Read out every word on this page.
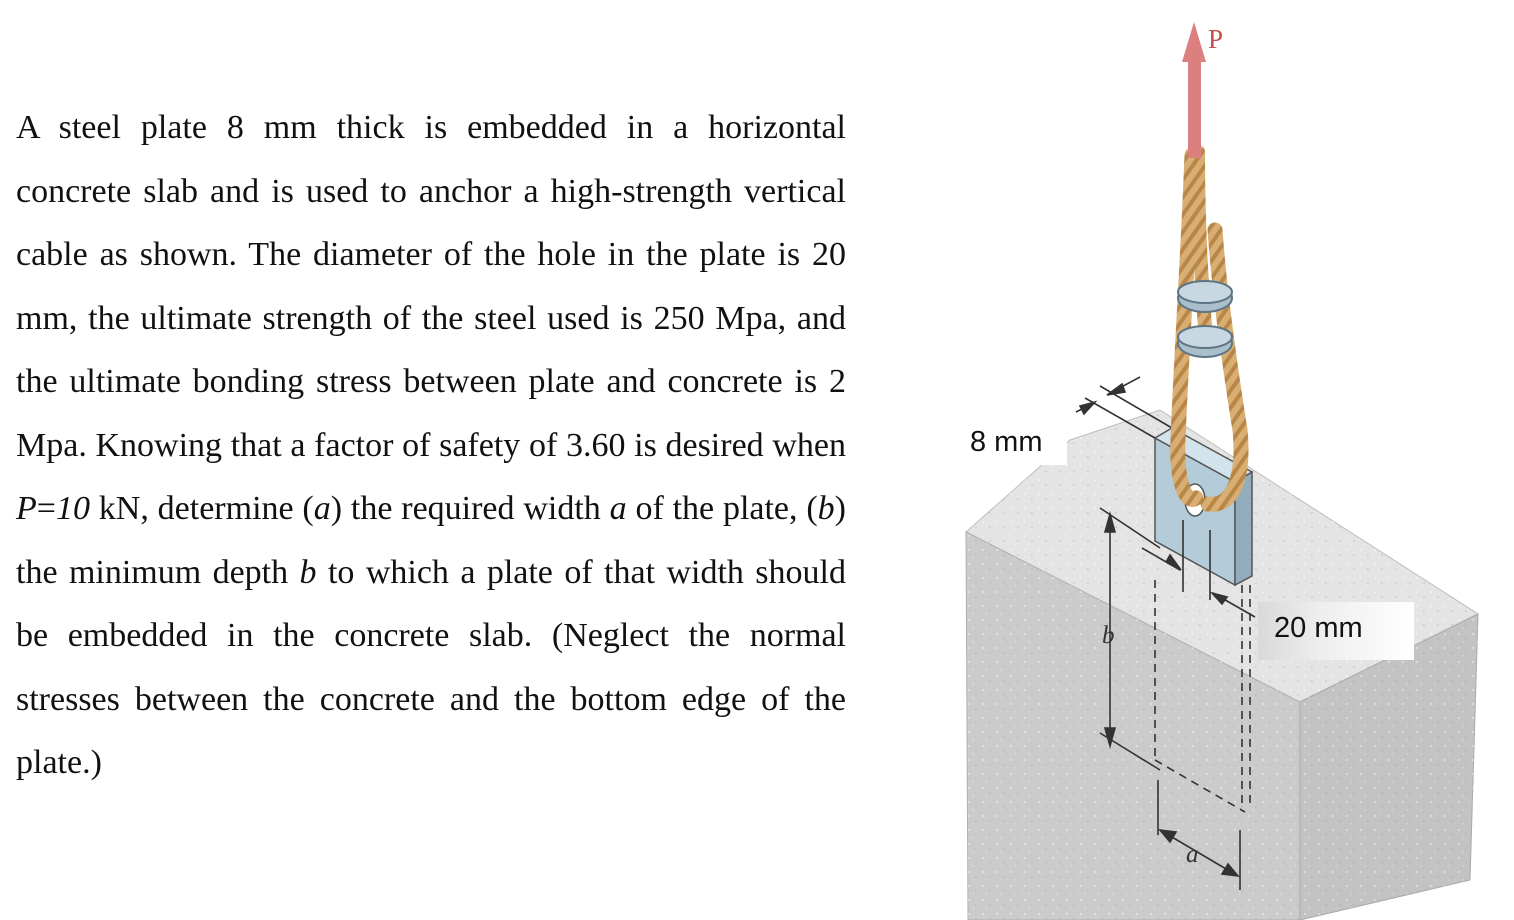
A steel plate 8 mm thick is embedded in a horizontal concrete slab and is used to anchor a high-strength vertical cable as shown. The diameter of the hole in the plate is 20 mm, the ultimate strength of the steel used is 250 Mpa, and the ultimate bonding stress between plate and concrete is 2 Mpa. Knowing that a factor of safety of 3.60 is desired when P=10 kN, determine (a) the required width a of the plate, (b) the minimum depth b to which a plate of that width should be embedded in the concrete slab. (Neglect the normal stresses between the concrete and the bottom edge of the plate.)

P
b
a
8 mm
20 mm
